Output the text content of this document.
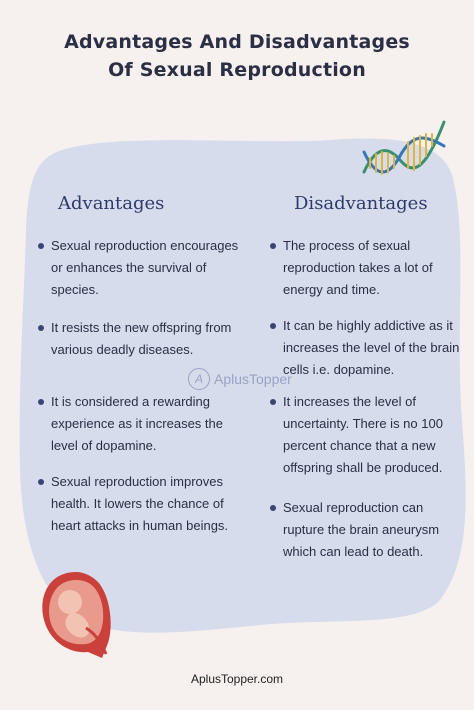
Advantages And Disadvantages
Of Sexual Reproduction
Advantages
Sexual reproduction encourages or enhances the survival of species.
It resists the new offspring from various deadly diseases.
It is considered a rewarding experience as it increases the level of dopamine.
Sexual reproduction improves health. It lowers the chance of heart attacks in human beings.
Disadvantages
The process of sexual reproduction takes a lot of energy and time.
It can be highly addictive as it increases the level of the brain cells i.e. dopamine.
It increases the level of uncertainty. There is no 100 percent chance that a new offspring shall be produced.
Sexual reproduction can rupture the brain aneurysm which can lead to death.
A AplusTopper
AplusTopper.com
